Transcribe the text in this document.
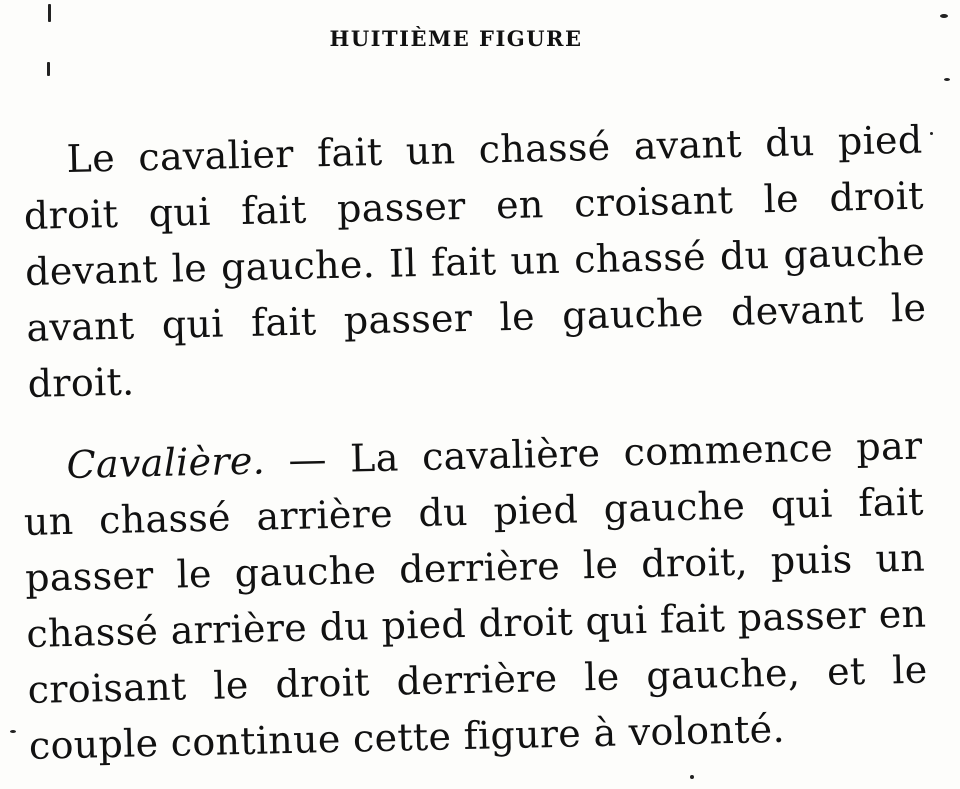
HUITIÈME FIGURE

Le cavalier fait un chassé avant du pied droit qui fait passer en croisant le droit devant le gauche. Il fait un chassé du gauche avant qui fait passer le gauche devant le droit.

Cavalière. — La cavalière commence par un chassé arrière du pied gauche qui fait passer le gauche derrière le droit, puis un chassé arrière du pied droit qui fait passer en croisant le droit derrière le gauche, et le couple continue cette figure à volonté.
